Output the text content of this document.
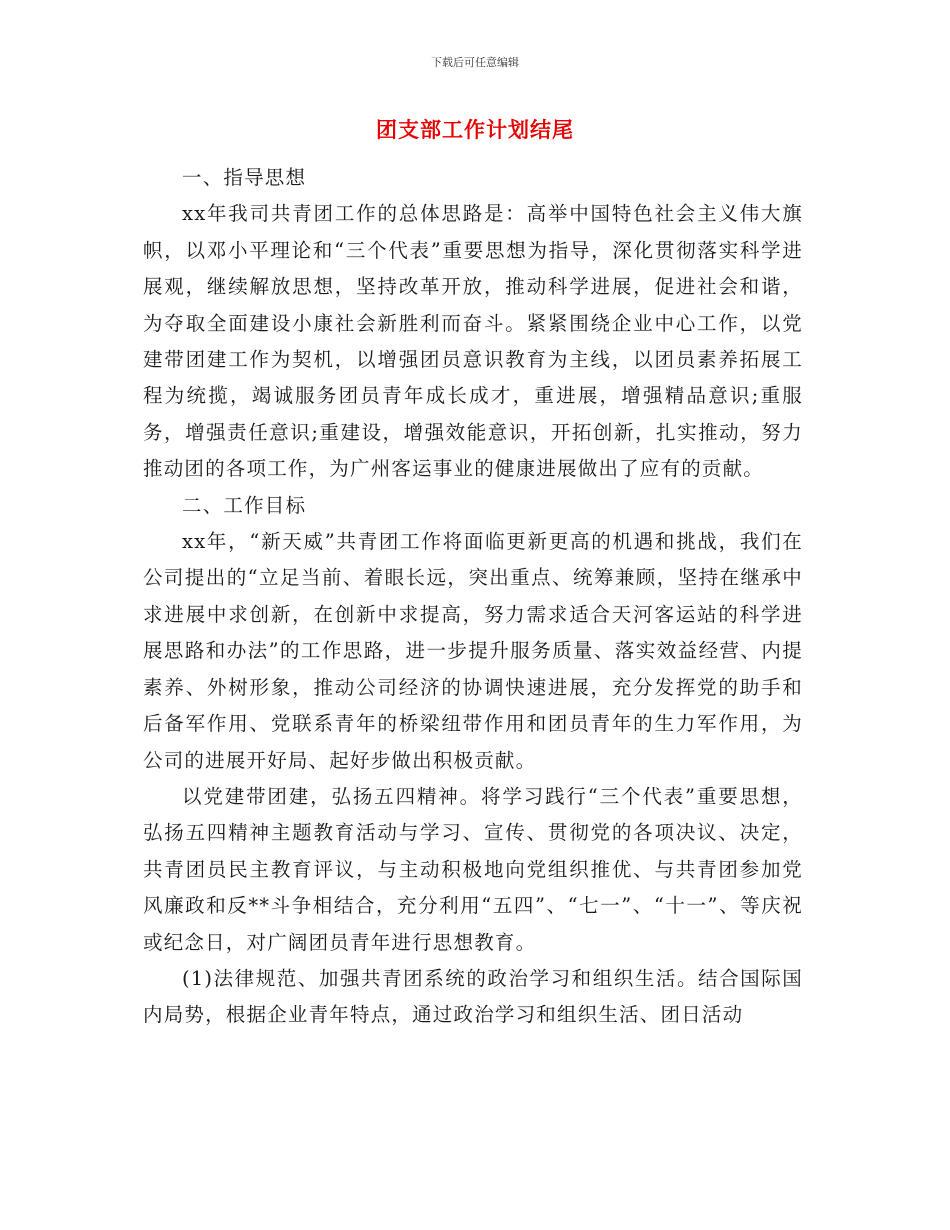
下载后可任意编辑
团支部工作计划结尾

一、指导思想

xx年我司共青团工作的总体思路是：高举中国特色社会主义伟大旗帜，以邓小平理论和“三个代表”重要思想为指导，深化贯彻落实科学进展观，继续解放思想，坚持改革开放，推动科学进展，促进社会和谐，为夺取全面建设小康社会新胜利而奋斗。紧紧围绕企业中心工作，以党建带团建工作为契机，以增强团员意识教育为主线，以团员素养拓展工程为统揽，竭诚服务团员青年成长成才，重进展，增强精品意识;重服务，增强责任意识;重建设，增强效能意识，开拓创新，扎实推动，努力推动团的各项工作，为广州客运事业的健康进展做出了应有的贡献。

二、工作目标

xx年，“新天威”共青团工作将面临更新更高的机遇和挑战，我们在公司提出的“立足当前、着眼长远，突出重点、统筹兼顾，坚持在继承中求进展中求创新，在创新中求提高，努力需求适合天河客运站的科学进展思路和办法”的工作思路，进一步提升服务质量、落实效益经营、内提素养、外树形象，推动公司经济的协调快速进展，充分发挥党的助手和后备军作用、党联系青年的桥梁纽带作用和团员青年的生力军作用，为公司的进展开好局、起好步做出积极贡献。

以党建带团建，弘扬五四精神。将学习践行“三个代表”重要思想，弘扬五四精神主题教育活动与学习、宣传、贯彻党的各项决议、决定，共青团员民主教育评议，与主动积极地向党组织推优、与共青团参加党风廉政和反**斗争相结合，充分利用“五四”、“七一”、“十一”、等庆祝或纪念日，对广阔团员青年进行思想教育。

(1)法律规范、加强共青团系统的政治学习和组织生活。结合国际国内局势，根据企业青年特点，通过政治学习和组织生活、团日活动
